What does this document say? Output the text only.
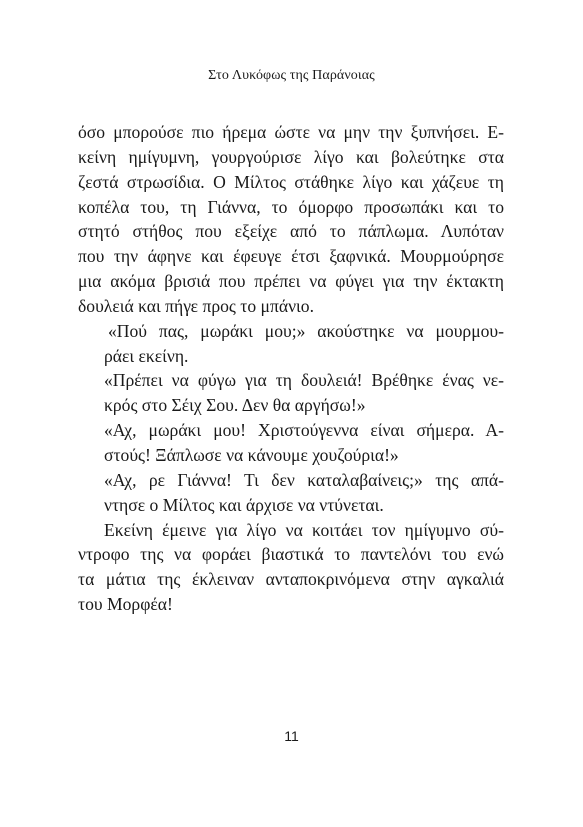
Στο Λυκόφως της Παράνοιας
όσο μπορούσε πιο ήρεμα ώστε να μην την ξυπνήσει. Ε-
κείνη ημίγυμνη, γουργούρισε λίγο και βολεύτηκε στα
ζεστά στρωσίδια. Ο Μίλτος στάθηκε λίγο και χάζευε τη
κοπέλα του, τη Γιάννα, το όμορφο προσωπάκι και το
στητό στήθος που εξείχε από το πάπλωμα. Λυπόταν
που την άφηνε και έφευγε έτσι ξαφνικά. Μουρμούρησε
μια ακόμα βρισιά που πρέπει να φύγει για την έκτακτη
δουλειά και πήγε προς το μπάνιο.
«Πού πας, μωράκι μου;» ακούστηκε να μουρμου-
ράει εκείνη.
«Πρέπει να φύγω για τη δουλειά! Βρέθηκε ένας νε-
κρός στο Σέιχ Σου. Δεν θα αργήσω!»
«Αχ, μωράκι μου! Χριστούγεννα είναι σήμερα. Α-
στούς! Ξάπλωσε να κάνουμε χουζούρια!»
«Αχ, ρε Γιάννα! Τι δεν καταλαβαίνεις;» της απά-
ντησε ο Μίλτος και άρχισε να ντύνεται.
Εκείνη έμεινε για λίγο να κοιτάει τον ημίγυμνο σύ-
ντροφο της να φοράει βιαστικά το παντελόνι του ενώ
τα μάτια της έκλειναν ανταποκρινόμενα στην αγκαλιά
του Μορφέα!
11
